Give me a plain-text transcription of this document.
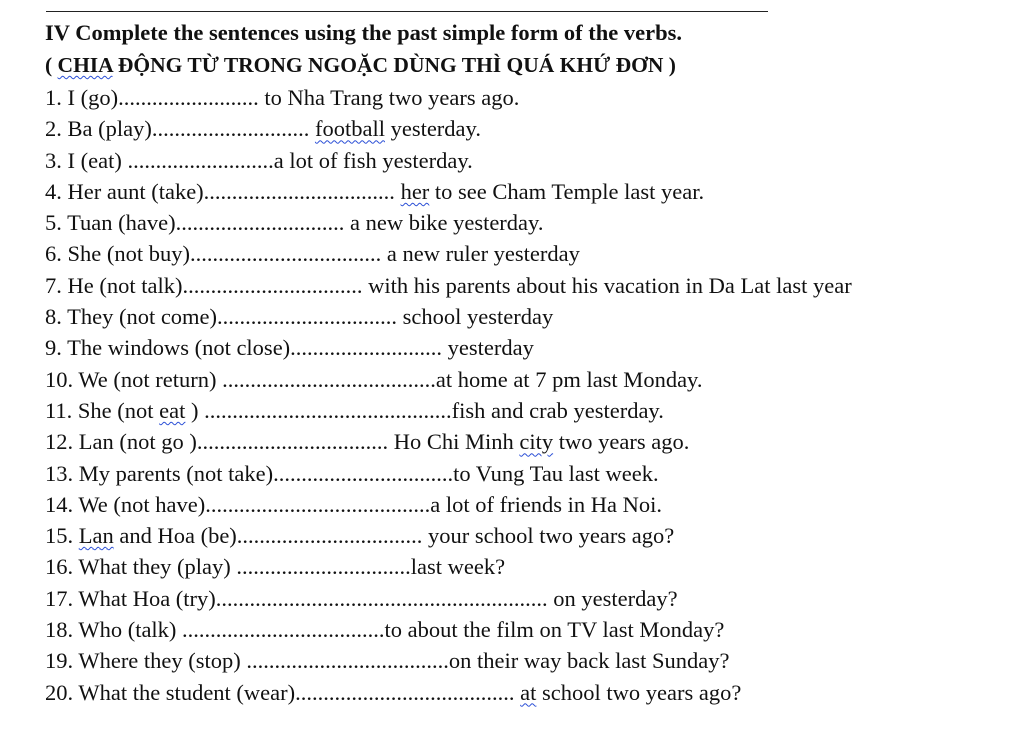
IV Complete the sentences using the past simple form of the verbs.
( CHIA ĐỘNG TỪ TRONG NGOẶC DÙNG THÌ QUÁ KHỨ ĐƠN )
1. I (go)......................... to Nha Trang two years ago.
2. Ba (play)............................ football yesterday.
3. I (eat) ..........................a lot of fish yesterday.
4. Her aunt (take).................................. her to see Cham Temple last year.
5. Tuan (have).............................. a new bike yesterday.
6. She (not buy).................................. a new ruler yesterday
7. He (not talk)................................ with his parents about his vacation in Da Lat last year
8. They (not come)................................ school yesterday
9. The windows (not close)........................... yesterday
10. We (not return) ......................................at home at 7 pm last Monday.
11. She (not eat ) ............................................fish and crab yesterday.
12. Lan (not go ).................................. Ho Chi Minh city two years ago.
13. My parents (not take)................................to Vung Tau last week.
14. We (not have)........................................a lot of friends in Ha Noi.
15. Lan and Hoa (be)................................. your school two years ago?
16. What they (play) ...............................last week?
17. What Hoa (try)........................................................... on yesterday?
18. Who (talk) ....................................to about the film on TV last Monday?
19. Where they (stop) ....................................on their way back last Sunday?
20. What the student (wear)....................................... at school two years ago?
